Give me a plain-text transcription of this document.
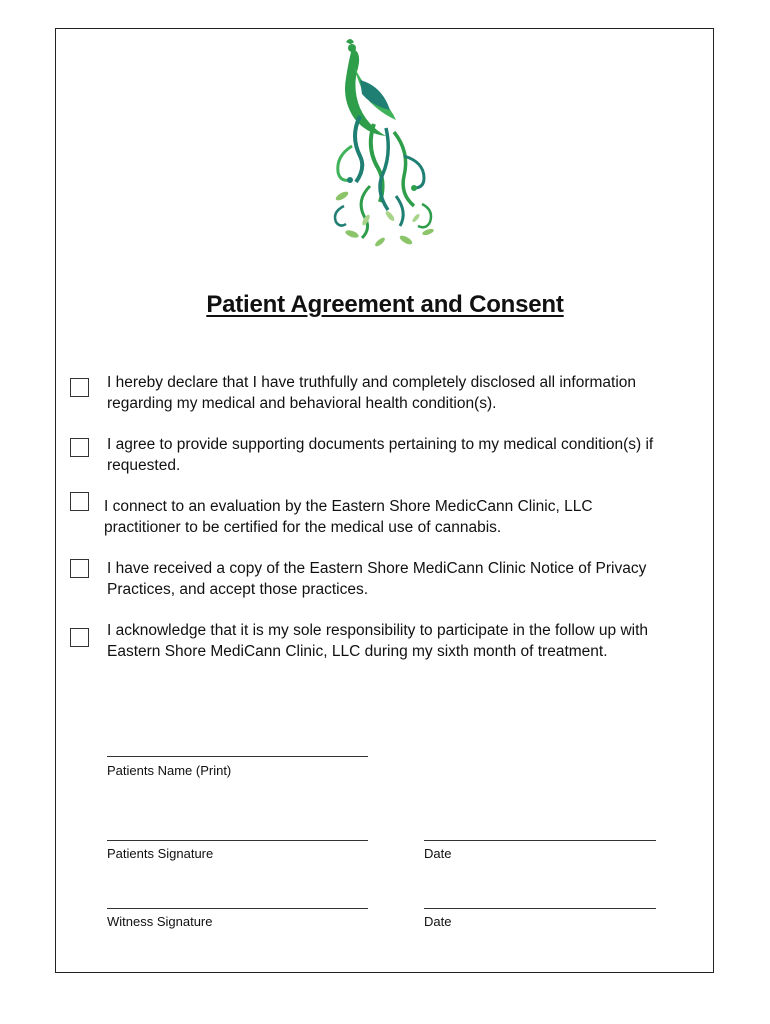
Patient Agreement and Consent
I hereby declare that I have truthfully and completely disclosed all information
regarding my medical and behavioral health condition(s).
I agree to provide supporting documents pertaining to my medical condition(s) if
requested.
I connect to an evaluation by the Eastern Shore MedicCann Clinic, LLC
practitioner to be certified for the medical use of cannabis.
I have received a copy of the Eastern Shore MediCann Clinic Notice of Privacy
Practices, and accept those practices.
I acknowledge that it is my sole responsibility to participate in the follow up with
Eastern Shore MediCann Clinic, LLC during my sixth month of treatment.
Patients Name (Print)
Patients Signature	Date
Witness Signature	Date
